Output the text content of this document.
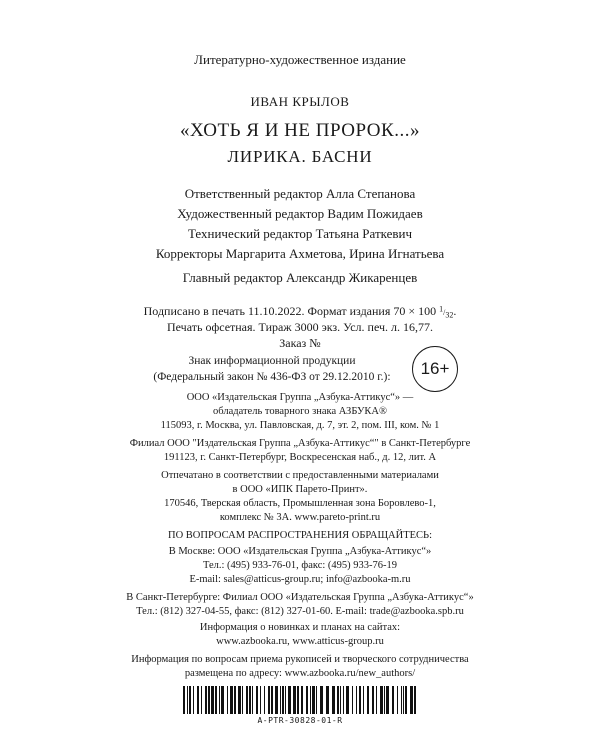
Литературно-художественное издание
ИВАН КРЫЛОВ
«ХОТЬ Я И НЕ ПРОРОК...»
ЛИРИКА. БАСНИ
Ответственный редактор Алла Степанова
Художественный редактор Вадим Пожидаев
Технический редактор Татьяна Раткевич
Корректоры Маргарита Ахметова, Ирина Игнатьева
Главный редактор Александр Жикаренцев
Подписано в печать 11.10.2022. Формат издания 70 × 100 $^1/_{32}$.
Печать офсетная. Тираж 3000 экз. Усл. печ. л. 16,77.
Заказ №
Знак информационной продукции
(Федеральный закон № 436-ФЗ от 29.12.2010 г.):	16+
ООО «Издательская Группа „Азбука-Аттикус“» —
обладатель товарного знака АЗБУКА®
115093, г. Москва, ул. Павловская, д. 7, эт. 2, пом. III, ком. № 1
Филиал ООО "Издательская Группа „Азбука-Аттикус“" в Санкт-Петербурге
191123, г. Санкт-Петербург, Воскресенская наб., д. 12, лит. А
Отпечатано в соответствии с предоставленными материалами
в ООО «ИПК Парето-Принт».
170546, Тверская область, Промышленная зона Боровлево-1,
комплекс № 3А. www.pareto-print.ru
ПО ВОПРОСАМ РАСПРОСТРАНЕНИЯ ОБРАЩАЙТЕСЬ:
В Москве: ООО «Издательская Группа „Азбука-Аттикус“»
Тел.: (495) 933-76-01, факс: (495) 933-76-19
E-mail: sales@atticus-group.ru; info@azbooka-m.ru
В Санкт-Петербурге: Филиал ООО «Издательская Группа „Азбука-Аттикус“»
Тел.: (812) 327-04-55, факс: (812) 327-01-60. E-mail: trade@azbooka.spb.ru
Информация о новинках и планах на сайтах:
www.azbooka.ru, www.atticus-group.ru
Информация по вопросам приема рукописей и творческого сотрудничества
размещена по адресу: www.azbooka.ru/new_authors/
A-PTR-30828-01-R
